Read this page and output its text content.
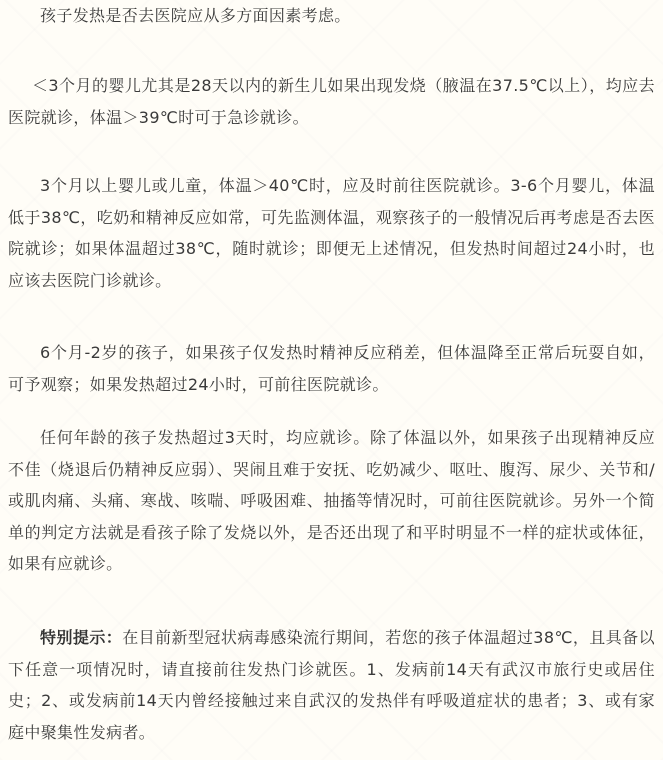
孩子发热是否去医院应从多方面因素考虑。

＜3个月的婴儿尤其是28天以内的新生儿如果出现发烧（腋温在37.5℃以上），均应去医院就诊，体温＞39℃时可于急诊就诊。

3个月以上婴儿或儿童，体温＞40℃时，应及时前往医院就诊。3-6个月婴儿，体温低于38℃，吃奶和精神反应如常，可先监测体温，观察孩子的一般情况后再考虑是否去医院就诊；如果体温超过38℃，随时就诊；即便无上述情况，但发热时间超过24小时，也应该去医院门诊就诊。

6个月-2岁的孩子，如果孩子仅发热时精神反应稍差，但体温降至正常后玩耍自如，可予观察；如果发热超过24小时，可前往医院就诊。

任何年龄的孩子发热超过3天时，均应就诊。除了体温以外，如果孩子出现精神反应不佳（烧退后仍精神反应弱）、哭闹且难于安抚、吃奶减少、呕吐、腹泻、尿少、关节和/或肌肉痛、头痛、寒战、咳喘、呼吸困难、抽搐等情况时，可前往医院就诊。另外一个简单的判定方法就是看孩子除了发烧以外，是否还出现了和平时明显不一样的症状或体征，如果有应就诊。

特别提示：在目前新型冠状病毒感染流行期间，若您的孩子体温超过38℃，且具备以下任意一项情况时，请直接前往发热门诊就医。1、发病前14天有武汉市旅行史或居住史；2、或发病前14天内曾经接触过来自武汉的发热伴有呼吸道症状的患者；3、或有家庭中聚集性发病者。
